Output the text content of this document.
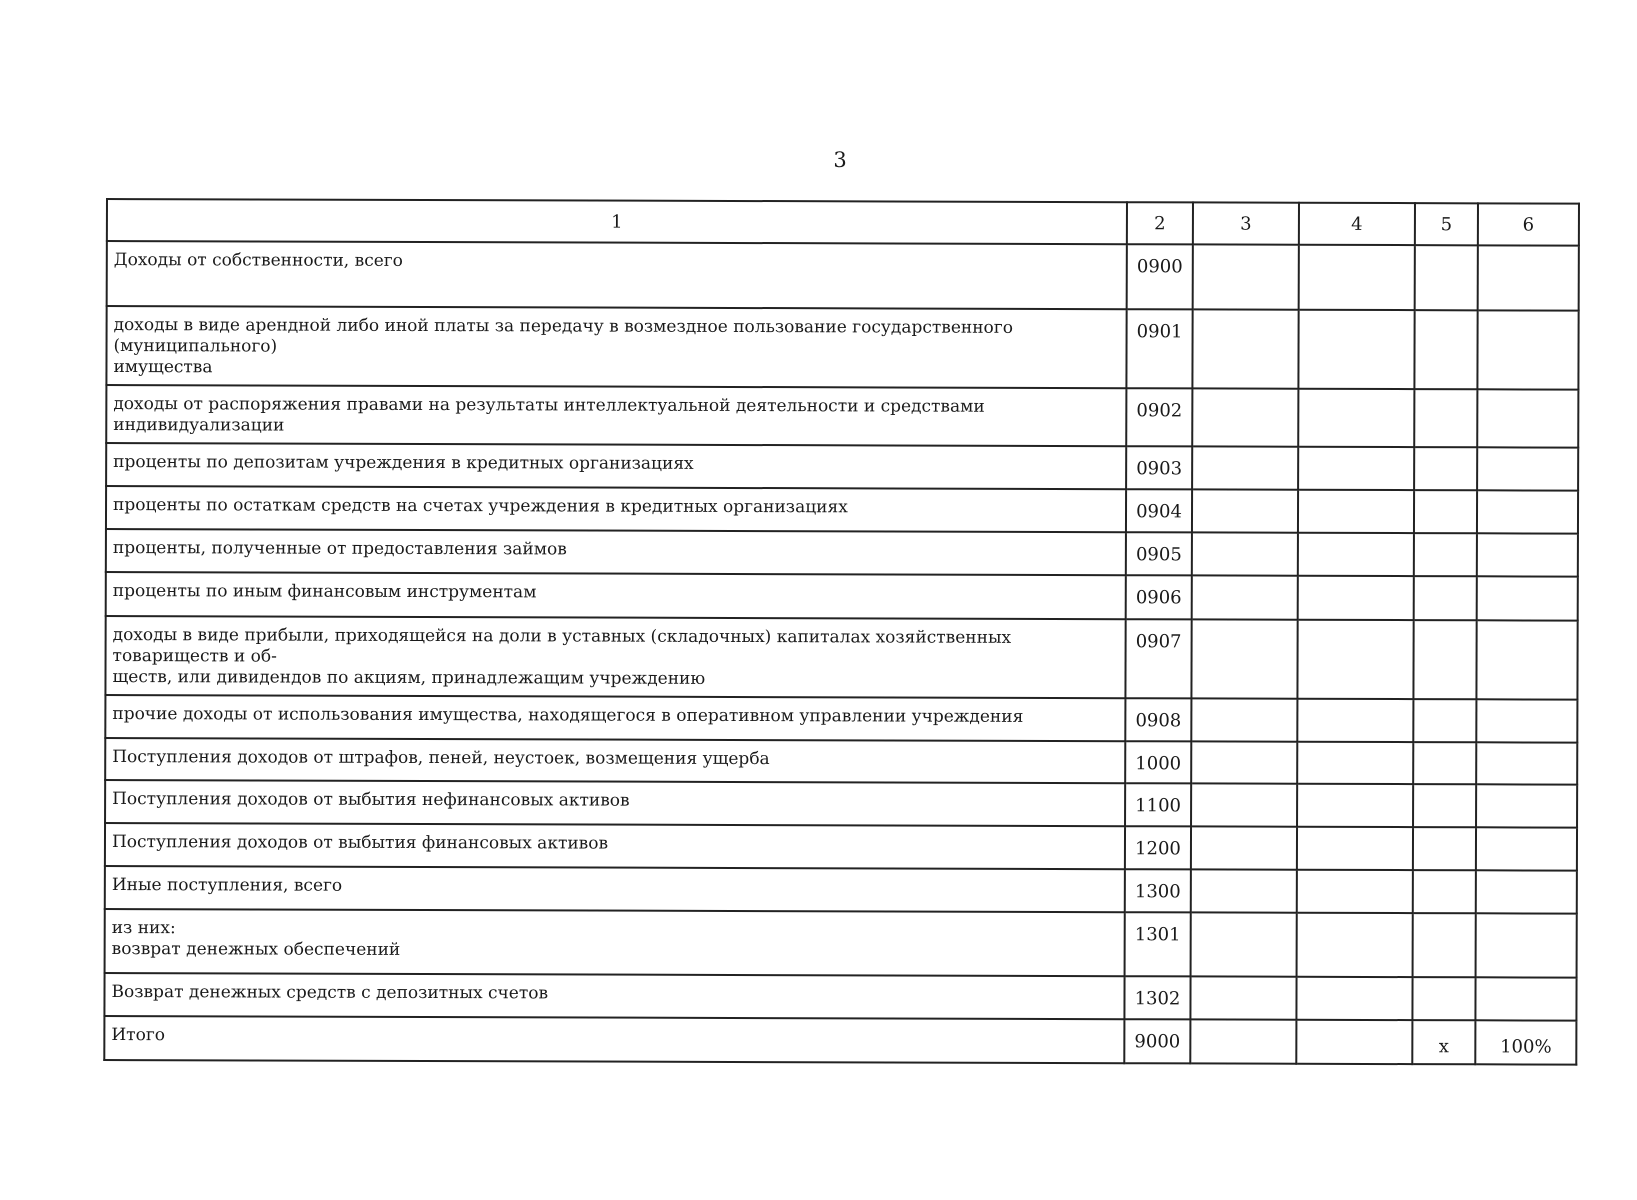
3
1	2	3	4	5	6
Доходы от собственности, всего	0900				

доходы в виде арендной либо иной платы за передачу в возмездное пользование государственного (муниципального)
имущества	0901				
доходы от распоряжения правами на результаты интеллектуальной деятельности и средствами индивидуализации	0902				
проценты по депозитам учреждения в кредитных организациях	0903				
проценты по остаткам средств на счетах учреждения в кредитных организациях	0904				
проценты, полученные от предоставления займов	0905				
проценты по иным финансовым инструментам	0906				

доходы в виде прибыли, приходящейся на доли в уставных (складочных) капиталах хозяйственных товариществ и об-
ществ, или дивидендов по акциям, принадлежащим учреждению	0907				
прочие доходы от использования имущества, находящегося в оперативном управлении учреждения	0908				
Поступления доходов от штрафов, пеней, неустоек, возмещения ущерба	1000				
Поступления доходов от выбытия нефинансовых активов	1100				
Поступления доходов от выбытия финансовых активов	1200				
Иные поступления, всего	1300				

из них:
возврат денежных обеспечений	1301				
Возврат денежных средств с депозитных счетов	1302				
Итого	9000			х	100%
